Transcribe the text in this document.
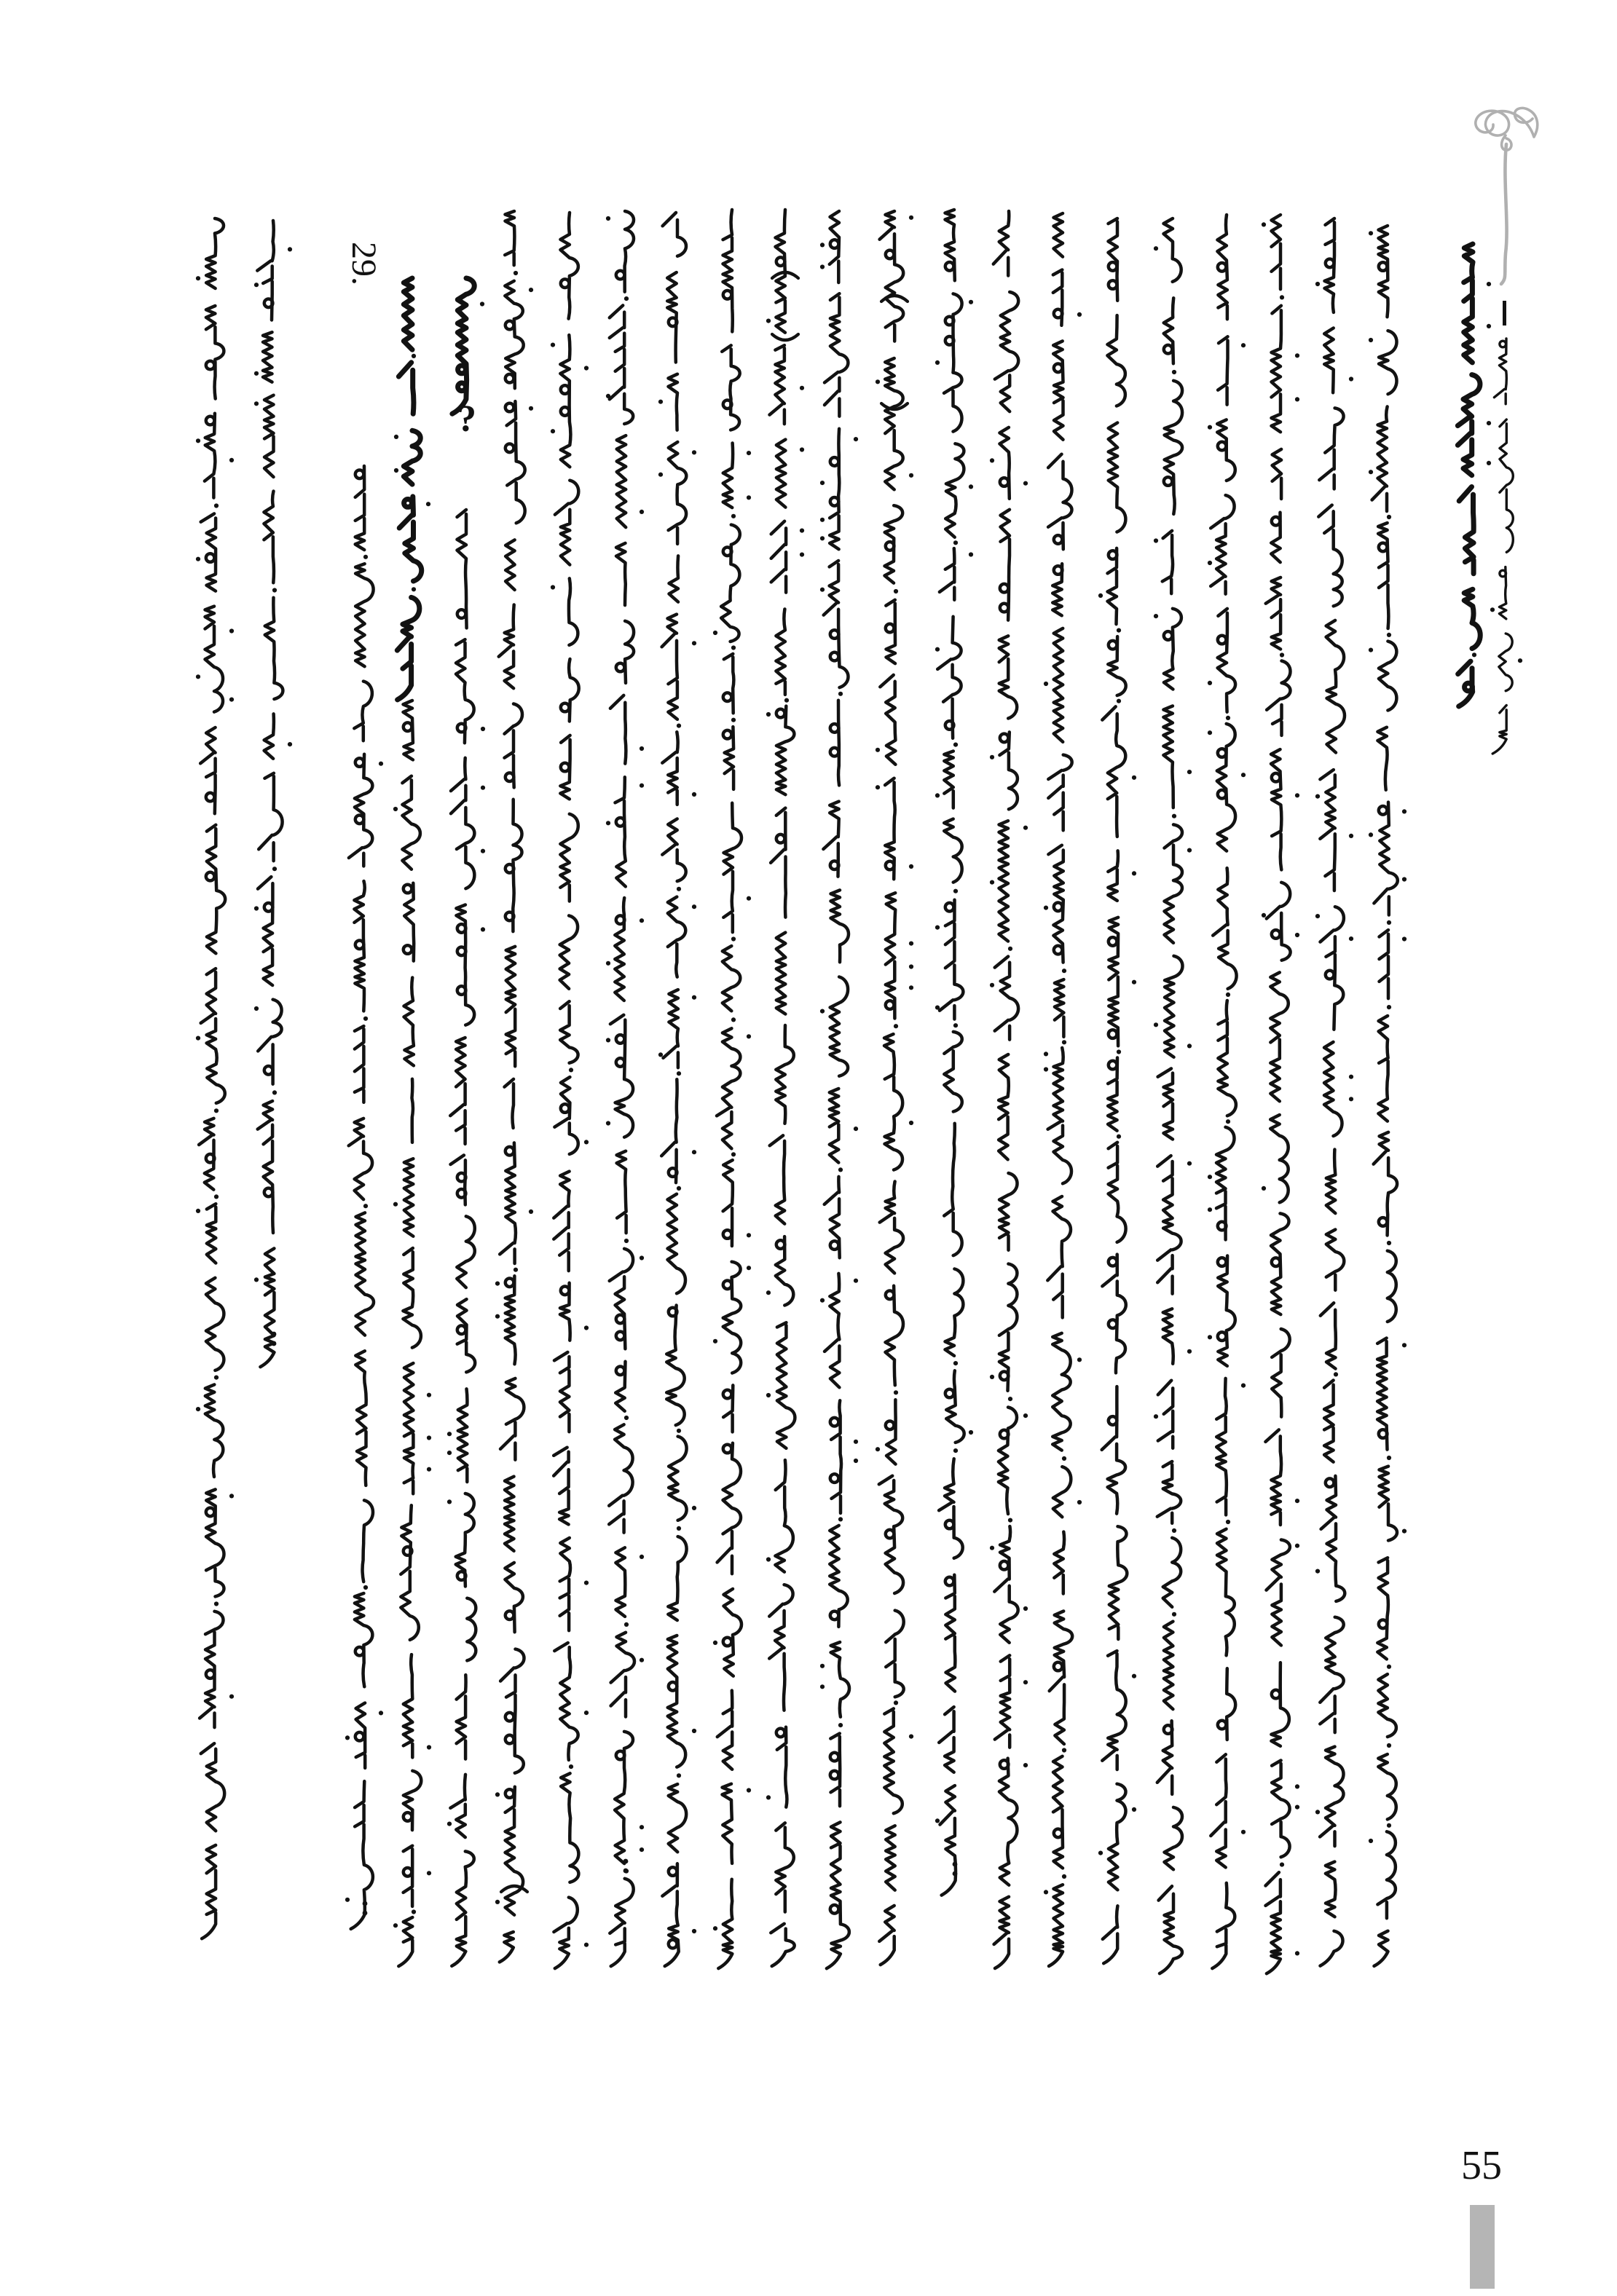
29.
?
55
